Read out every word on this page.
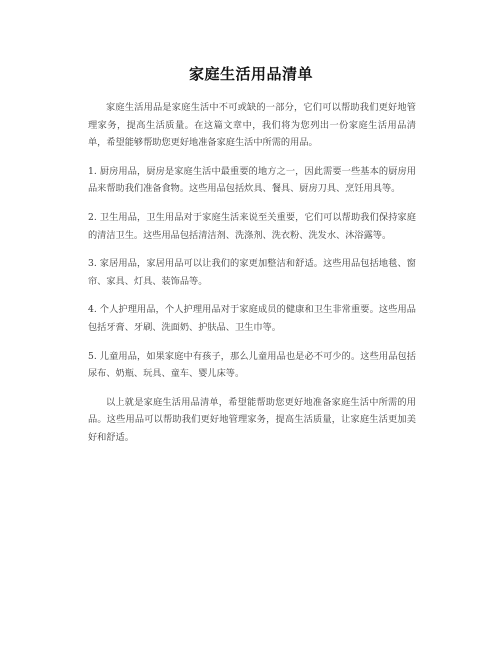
家庭生活用品清单

家庭生活用品是家庭生活中不可或缺的一部分，它们可以帮助我们更好地管理家务，提高生活质量。在这篇文章中，我们将为您列出一份家庭生活用品清单，希望能够帮助您更好地准备家庭生活中所需的用品。

1. 厨房用品，厨房是家庭生活中最重要的地方之一，因此需要一些基本的厨房用品来帮助我们准备食物。这些用品包括炊具、餐具、厨房刀具、烹饪用具等。

2. 卫生用品，卫生用品对于家庭生活来说至关重要，它们可以帮助我们保持家庭的清洁卫生。这些用品包括清洁剂、洗涤剂、洗衣粉、洗发水、沐浴露等。

3. 家居用品，家居用品可以让我们的家更加整洁和舒适。这些用品包括地毯、窗帘、家具、灯具、装饰品等。

4. 个人护理用品，个人护理用品对于家庭成员的健康和卫生非常重要。这些用品包括牙膏、牙刷、洗面奶、护肤品、卫生巾等。

5. 儿童用品，如果家庭中有孩子，那么儿童用品也是必不可少的。这些用品包括尿布、奶瓶、玩具、童车、婴儿床等。

以上就是家庭生活用品清单，希望能帮助您更好地准备家庭生活中所需的用品。这些用品可以帮助我们更好地管理家务，提高生活质量，让家庭生活更加美好和舒适。
